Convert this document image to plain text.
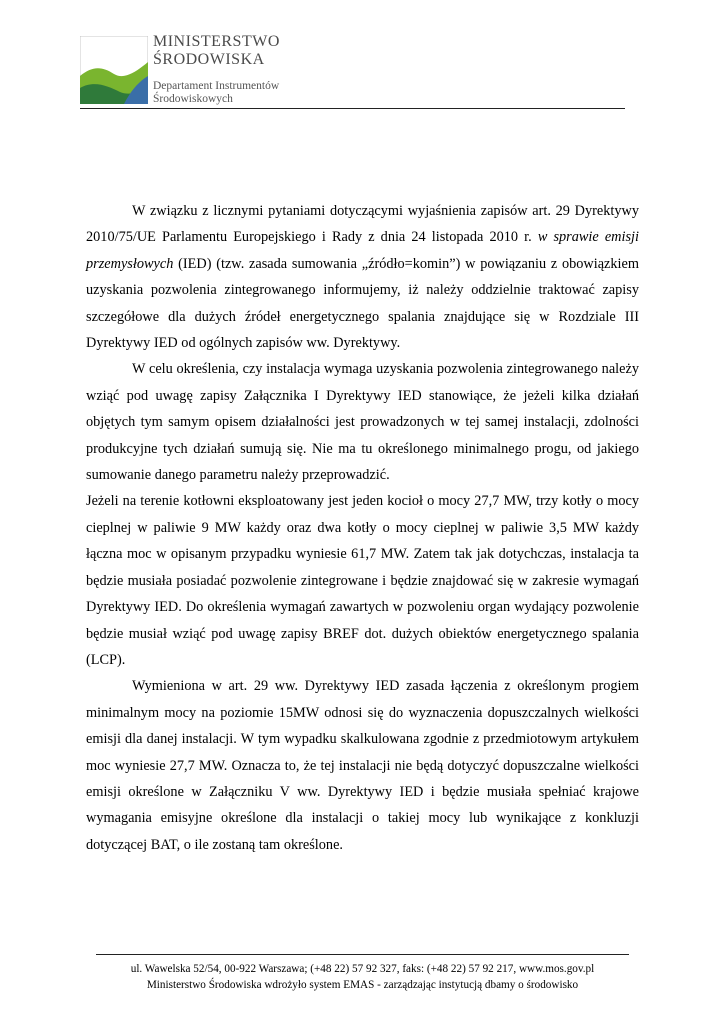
MINISTERSTWO
ŚRODOWISKA
Departament Instrumentów
Środowiskowych

W związku z licznymi pytaniami dotyczącymi wyjaśnienia zapisów art. 29 Dyrektywy 2010/75/UE Parlamentu Europejskiego i Rady z dnia 24 listopada 2010 r. w sprawie emisji przemysłowych (IED) (tzw. zasada sumowania „źródło=komin”) w powiązaniu z obowiązkiem uzyskania pozwolenia zintegrowanego informujemy, iż należy oddzielnie traktować zapisy szczegółowe dla dużych źródeł energetycznego spalania znajdujące się w Rozdziale III Dyrektywy IED od ogólnych zapisów ww. Dyrektywy.

W celu określenia, czy instalacja wymaga uzyskania pozwolenia zintegrowanego należy wziąć pod uwagę zapisy Załącznika I Dyrektywy IED stanowiące, że jeżeli kilka działań objętych tym samym opisem działalności jest prowadzonych w tej samej instalacji, zdolności produkcyjne tych działań sumują się. Nie ma tu określonego minimalnego progu, od jakiego sumowanie danego parametru należy przeprowadzić.

Jeżeli na terenie kotłowni eksploatowany jest jeden kocioł o mocy 27,7 MW, trzy kotły o mocy cieplnej w paliwie 9 MW każdy oraz dwa kotły o mocy cieplnej w paliwie 3,5 MW każdy łączna moc w opisanym przypadku wyniesie 61,7 MW. Zatem tak jak dotychczas, instalacja ta będzie musiała posiadać pozwolenie zintegrowane i będzie znajdować się w zakresie wymagań Dyrektywy IED. Do określenia wymagań zawartych w pozwoleniu organ wydający pozwolenie będzie musiał wziąć pod uwagę zapisy BREF dot. dużych obiektów energetycznego spalania (LCP).

Wymieniona w art. 29 ww. Dyrektywy IED zasada łączenia z określonym progiem minimalnym mocy na poziomie 15MW odnosi się do wyznaczenia dopuszczalnych wielkości emisji dla danej instalacji. W tym wypadku skalkulowana zgodnie z przedmiotowym artykułem moc wyniesie 27,7 MW. Oznacza to, że tej instalacji nie będą dotyczyć dopuszczalne wielkości emisji określone w Załączniku V ww. Dyrektywy IED i będzie musiała spełniać krajowe wymagania emisyjne określone dla instalacji o takiej mocy lub wynikające z konkluzji dotyczącej BAT, o ile zostaną tam określone.

ul. Wawelska 52/54, 00-922 Warszawa; (+48 22) 57 92 327, faks: (+48 22) 57 92 217, www.mos.gov.pl
Ministerstwo Środowiska wdrożyło system EMAS - zarządzając instytucją dbamy o środowisko
